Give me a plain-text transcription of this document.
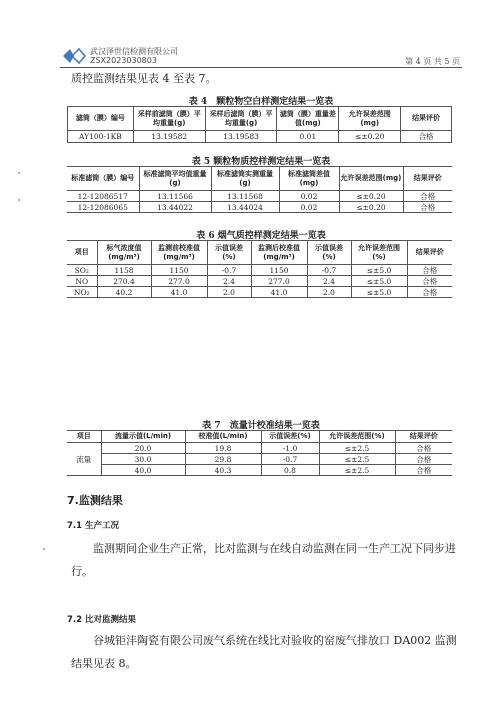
武汉泽世信检测有限公司
ZSX2023030803	第 4 页 共 5 页
质控监测结果见表 4 至表 7。
表 4　颗粒物空白样测定结果一览表
滤筒（膜）编号	采样前滤筒（膜）平均重量(g)	采样后滤筒（膜）平均重量(g)	滤筒（膜）重量差值(mg)	允许误差范围(mg)	结果评价
AY100-1KB	13.19582	13.19583	0.01	≤±0.20	合格
表 5 颗粒物质控样测定结果一览表
标准滤筒（膜）编号	标准滤筒平均值重量(g)	标准滤筒实测重量(g)	标准滤筒差值(mg)	允许误差范围(mg)	结果评价
12-12086517	13.11566	13.11568	0.02	≤±0.20	合格
12-12086065	13.44022	13.44024	0.02	≤±0.20	合格
表 6 烟气质控样测定结果一览表
项目	标气浓度值(mg/m³)	监测前校准值(mg/m³)	示值误差(%)	监测后校准值(mg/m³)	示值误差(%)	允许误差范围(%)	结果评价
SO₂	1158	1150	-0.7	1150	-0.7	≤±5.0	合格
NO	270.4	277.0	2.4	277.0	2.4	≤±5.0	合格
NO₂	40.2	41.0	2.0	41.0	2.0	≤±5.0	合格
表 7　流量计校准结果一览表
项目	流量示值(L/min)	校准值(L/min)	示值误差(%)	允许误差范围(%)	结果评价
流量	20.0	19.8	-1.0	≤±2.5	合格
	30.0	29.8	-0.7	≤±2.5	合格
	40.0	40.3	0.8	≤±2.5	合格
7.监测结果
7.1 生产工况
监测期间企业生产正常，比对监测与在线自动监测在同一生产工况下同步进行。
7.2 比对监测结果
谷城钜沣陶瓷有限公司废气系统在线比对验收的窑废气排放口 DA002 监测结果见表 8。
